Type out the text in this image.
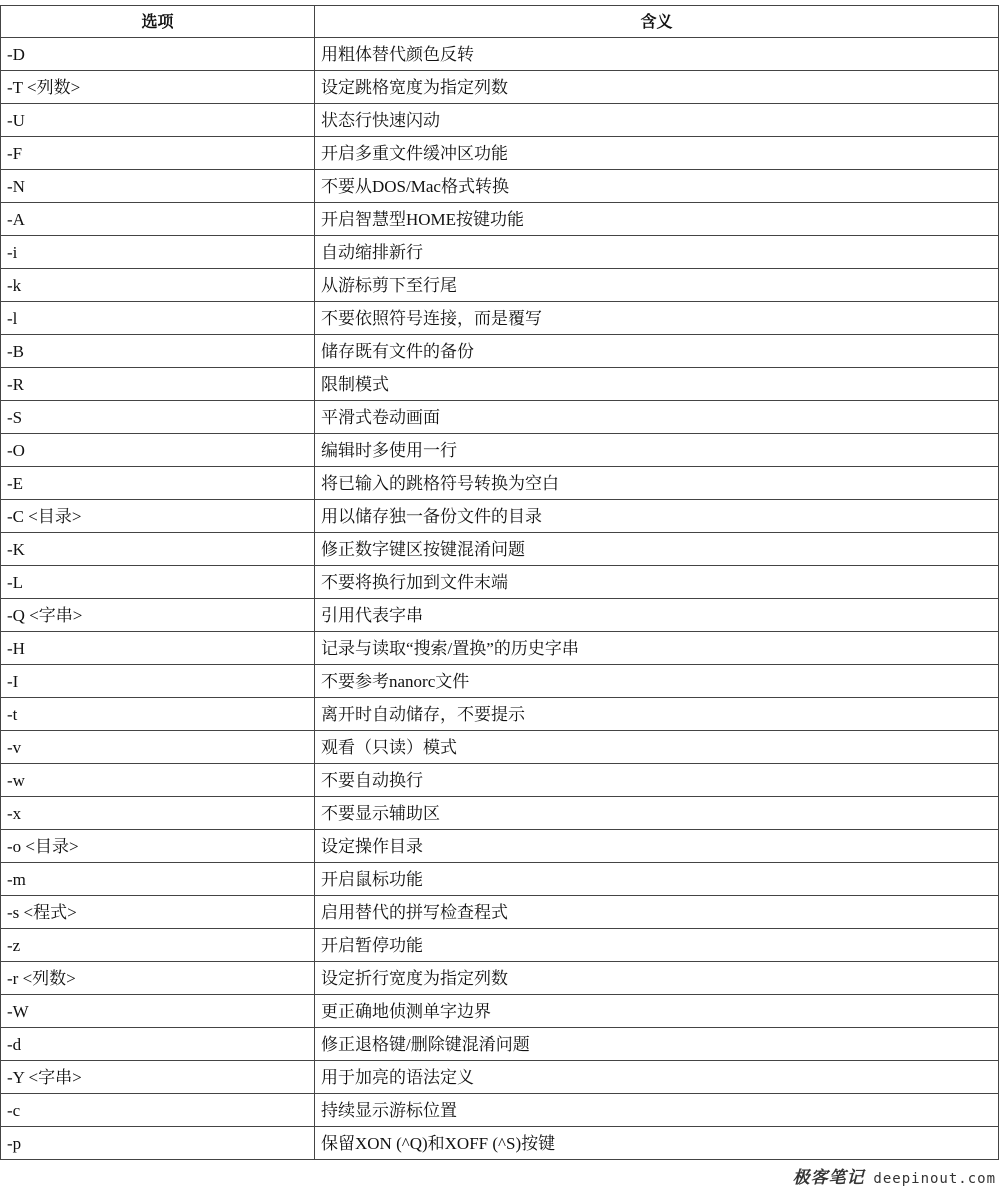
选项	含义
-D	用粗体替代颜色反转
-T <列数>	设定跳格宽度为指定列数
-U	状态行快速闪动
-F	开启多重文件缓冲区功能
-N	不要从DOS/Mac格式转换
-A	开启智慧型HOME按键功能
-i	自动缩排新行
-k	从游标剪下至行尾
-l	不要依照符号连接，而是覆写
-B	储存既有文件的备份
-R	限制模式
-S	平滑式卷动画面
-O	编辑时多使用一行
-E	将已输入的跳格符号转换为空白
-C <目录>	用以储存独一备份文件的目录
-K	修正数字键区按键混淆问题
-L	不要将换行加到文件末端
-Q <字串>	引用代表字串
-H	记录与读取“搜索/置换”的历史字串
-I	不要参考nanorc文件
-t	离开时自动储存，不要提示
-v	观看（只读）模式
-w	不要自动换行
-x	不要显示辅助区
-o <目录>	设定操作目录
-m	开启鼠标功能
-s <程式>	启用替代的拼写检查程式
-z	开启暂停功能
-r <列数>	设定折行宽度为指定列数
-W	更正确地侦测单字边界
-d	修正退格键/删除键混淆问题
-Y <字串>	用于加亮的语法定义
-c	持续显示游标位置
-p	保留XON (^Q)和XOFF (^S)按键
极客笔记 deepinout.com
